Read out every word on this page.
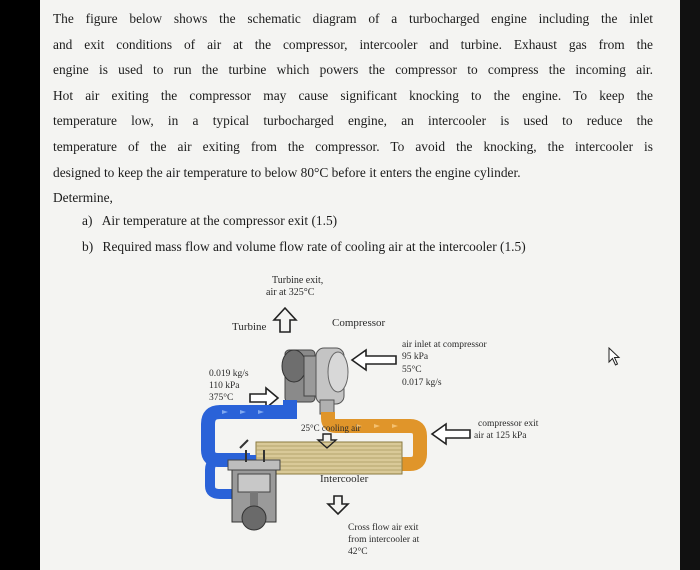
The figure below shows the schematic diagram of a turbocharged engine including the inlet
and exit conditions of air at the compressor, intercooler and turbine. Exhaust gas from the
engine is used to run the turbine which powers the compressor to compress the incoming air.
Hot air exiting the compressor may cause significant knocking to the engine. To keep the
temperature low, in a typical turbocharged engine, an intercooler is used to reduce the
temperature of the air exiting from the compressor. To avoid the knocking, the intercooler is
designed to keep the air temperature to below 80°C before it enters the engine cylinder.
Determine,
a) Air temperature at the compressor exit (1.5)
b) Required mass flow and volume flow rate of cooling air at the intercooler (1.5)
Turbine exit,
air at 325°C
Turbine	Compressor
air inlet at compressor
95 kPa
55°C
0.017 kg/s
0.019 kg/s
110 kPa
375°C
25°C cooling air	compressor exit
air at 125 kPa
Intercooler
Cross flow air exit
from intercooler at
42°C
